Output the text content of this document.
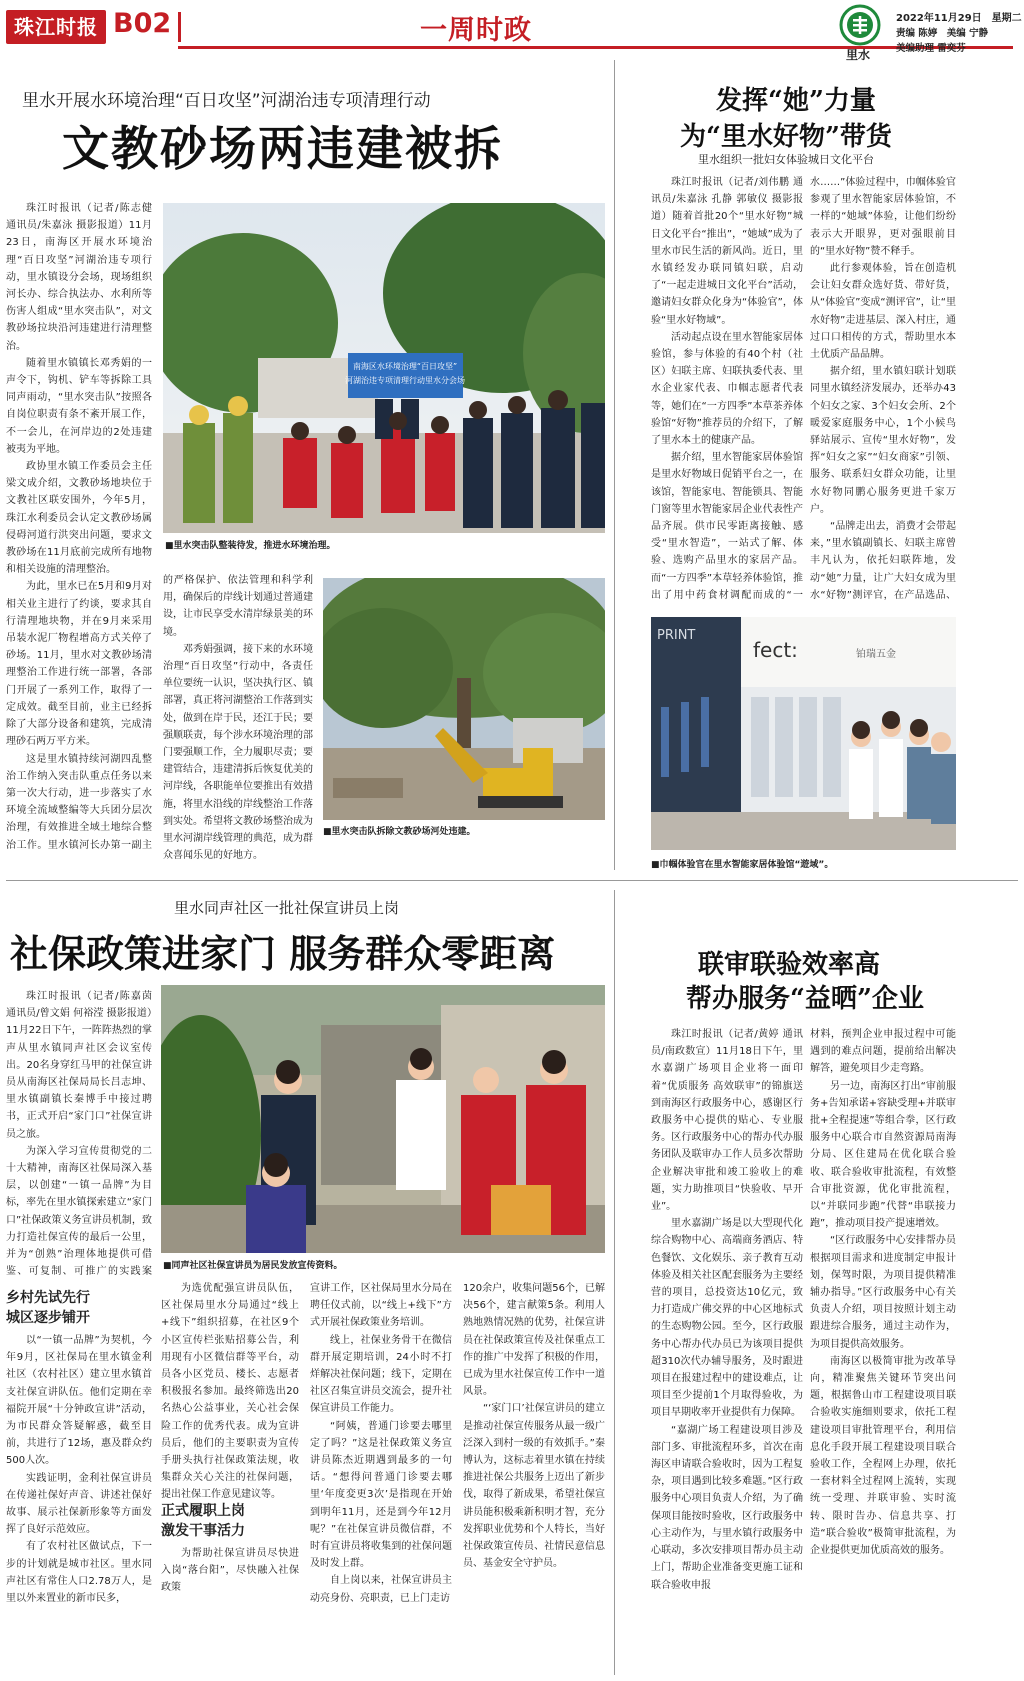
珠江时报 B02	一周时政
里水
2022年11月29日　星期二
责编 陈婷　美编 宁静
美编助理 雷奕芬
里水开展水环境治理“百日攻坚”河湖治违专项清理行动
文教砂场两违建被拆

珠江时报讯（记者/陈志健 通讯员/朱嘉泳 摄影报道）11月23日，南海区开展水环境治理“百日攻坚”河湖治违专项行动，里水镇设分会场，现场组织河长办、综合执法办、水利所等伤害人组成“里水突击队”，对文教砂场拉块沿河违建进行清理整治。

随着里水镇镇长邓秀娟的一声令下，钩机、铲车等拆除工具同声雨动，“里水突击队”按照各自岗位职责有条不紊开展工作，不一会儿，在河岸边的2处违建被夷为平地。

政协里水镇工作委员会主任梁文成介绍，文教砂场地块位于文教社区联安围外，今年5月，珠江水利委员会认定文教砂场属侵碍河道行洪突出问题，要求文教砂场在11月底前完成所有地物和相关设施的清理整治。

为此，里水已在5月和9月对相关业主进行了约谈，要求其自行清理地块物，并在9月来采用吊装水泥厂物程增高方式关停了砂场。11月，里水对文教砂场清理整治工作进行统一部署，各部门开展了一系列工作，取得了一定成效。截至目前，业主已经拆除了大部分设备和建筑，完成清理砂石两万平方米。

这是里水镇持续河湖四乱整治工作纳入突击队重点任务以来第一次大行动，进一步落实了水环境全流域整编等大兵团分层次治理，有效推进全域土地综合整治工作。里水镇河长办第一副主

南海区水环境治理“百日攻坚”
河湖治违专项清理行动里水分会场
■里水突击队整装待发，推进水环境治理。

的严格保护、依法管理和科学利用，确保后的岸线计划通过普通建设，让市民享受水清岸绿景美的环境。

邓秀娟强调，接下来的水环境治理“百日攻坚”行动中，各责任单位要统一认识，坚决执行区、镇部署，真正将河湖整治工作落到实处，做到在岸于民，还江于民；要强顺联责，每个涉水环境治理的部门要强顺工作，全力履职尽责；要建管结合，违建清拆后恢复优美的河岸线，各职能单位要推出有效措施，将里水沿线的岸线整治工作落到实处。希望将文教砂场整治成为里水河湖岸线管理的典范，成为群众喜闻乐见的好地方。

■里水突击队拆除文教砂场河处违建。
发挥“她”力量
为“里水好物”带货
里水组织一批妇女体验城日文化平台

珠江时报讯（记者/刘伟鹏 通讯员/朱嘉泳 孔静 郭敏仪 摄影报道）随着首批20个“里水好物”城日文化平台“推出”，“她域”成为了里水市民生活的新风尚。近日，里水镇经发办联同镇妇联，启动了“一起走进城日文化平台”活动，邀请妇女群众化身为“体验官”，体验“里水好物域”。

活动起点设在里水智能家居体验馆，参与体验的有40个村（社区）妇联主席、妇联执委代表、里水企业家代表、巾帼志愿者代表等，她们在“一方四季”本草茶养体验馆“好物”推荐员的介绍下，了解了里水本土的健康产品。

据介绍，里水智能家居体验馆是里水好物域日促销平台之一，在该馆，智能家电、智能锁具、智能门窗等里水智能家居企业代表性产品齐展。供市民零距离接触、感受“里水智造”，一站式了解、体验、选购产品里水的家居产品。而“一方四季”本草轻养体验馆，推出了用中药食材调配而成的“一

水……”体验过程中，巾帼体验官参观了里水智能家居体验馆，不一样的“她域”体验，让他们纷纷表示大开眼界，更对强眼前目的“里水好物”赞不释手。

此行参观体验，旨在创造机会让妇女群众选好货、带好货，从“体验官”变成“测评官”，让“里水好物”走进基层、深入村庄，通过口口相传的方式，帮助里水本土优质产品品牌。

据介绍，里水镇妇联计划联同里水镇经济发展办，还举办43个妇女之家、3个妇女会所、2个暖爱家庭服务中心，1个小候鸟驿站展示、宣传“里水好物”，发挥“妇女之家”“妇女商家”引领、服务、联系妇女群众功能，让里水好物同鹏心服务更进千家万户。

“品牌走出去，消费才会带起来，”里水镇副镇长、妇联主席曾丰凡认为，依托妇联阵地，发动“她”力量，让广大妇女成为里水“好物”测评官，在产品选品、

PRINT
fect:	铂瑞五金
■巾帼体验官在里水智能家居体验馆“遊域”。
里水同声社区一批社保宣讲员上岗
社保政策进家门 服务群众零距离

珠江时报讯（记者/陈嘉茵 通讯员/曾文娟 何裕滢 摄影报道）11月22日下午，一阵阵热烈的掌声从里水镇同声社区会议室传出。20名身穿红马甲的社保宣讲员从南海区社保局局长吕志坤、里水镇副镇长秦博手中接过聘书，正式开启“家门口”社保宣讲员之旅。

为深入学习宣传贯彻党的二十大精神，南海区社保局深入基层，以创建“一镇一品牌”为目标，率先在里水镇探索建立“家门口”社保政策义务宣讲员机制，致力打造社保宣传的最后一公里，并为“创熟”治理体地提供可借鉴、可复制、可推广的实践案

乡村先试先行
城区逐步铺开

以“一镇一品牌”为契机，今年9月，区社保局在里水镇金利社区（农村社区）建立里水镇首支社保宣讲队伍。他们定期在幸福院开展“十分钟政宣讲”活动，为市民群众答疑解惑，截至目前，共进行了12场，惠及群众约500人次。

实践证明，金利社保宣讲员在传递社保好声音、讲述社保好故事、展示社保新形象等方面发挥了良好示范效应。

有了农村社区做试点，下一步的计划就是城市社区。里水同声社区有常住人口2.78万人，是里以外来置业的新市民多，

■同声社区社保宣讲员为居民发放宣传资料。

为选优配强宣讲员队伍，区社保局里水分局通过“线上+线下”组织招募，在社区9个小区宣传栏张贴招募公告，利用现有小区微信群等平台，动员各小区党员、楼长、志愿者积极报名参加。最终筛选出20名热心公益事业，关心社会保险工作的优秀代表。成为宣讲员后，他们的主要职责为宣传手册头执行社保政策法规，收集群众关心关注的社保问题，提出社保工作意见建议等。

正式履职上岗
激发干事活力

为帮助社保宣讲员尽快进入岗“落台阳”，尽快融入社保政策

宣讲工作，区社保局里水分局在聘任仪式前，以“线上+线下”方式开展社保政策业务培训。

线上，社保业务骨干在微信群开展定期培训，24小时不打烊解决社保问题；线下，定期在社区召集宣讲员交流会，提升社保宣讲员工作能力。

“阿姨，普通门诊要去哪里定了吗？”这是社保政策义务宣讲员陈杰近期遇到最多的一句话。“想得问普通门诊要去哪里‘年度変更3次’是指现在开始到明年11月，还是到今年12月呢？”在社保宣讲员微信群，不时有宣讲员将收集到的社保问题及时发上群。

自上岗以来，社保宣讲员主动亮身份、亮职责，已上门走访

120余户，收集问题56个，已解决56个，建言献策5条。利用人熟地熟情况熟的优势，社保宣讲员在社保政策宣传及社保重点工作的推广中发挥了积极的作用，已成为里水社保宣传工作中一道风景。

“‘家门口’社保宣讲员的建立是推动社保宣传服务从最一级广泛深入到村一级的有效抓手。”秦博认为，这标志着里水镇在持续推进社保公共服务上迈出了新步伐，取得了新成果，希望社保宣讲员能积极乘新积明才智，充分发挥职业优势和个人特长，当好社保政策宣传员、社情民意信息员、基金安全守护员。

联审联验效率高
帮办服务“益晒”企业

珠江时报讯（记者/黄婷 通讯员/南政数宣）11月18日下午，里水嘉湖广场项目企业将一面印着“优质服务 高效联审”的锦旗送到南海区行政服务中心，感谢区行政服务中心提供的贴心、专业服务。区行政服务中心的帮办代办服务团队及联审办工作人员多次帮助企业解决审批和竣工验收上的难题，实力助推项目“快验收、早开业”。

里水嘉湖广场是以大型现代化综合购物中心、高端商务酒店、特色餐饮、文化娱乐、亲子教育互动体验及相关社区配套服务为主要经营的项目，总投资达10亿元，致力打造成广佛交界的中心区地标式的生态购物公园。至今，区行政服务中心帮办代办员已为该项目提供超310次代办辅导服务，及时跟进项目在报建过程中的建设难点，让项目至少提前1个月取得验收，为项目早期收率开业提供有力保障。

“嘉湖广场工程建设项目涉及部门多、审批流程环多，首次在南海区申请联合验收时，因为工程复杂，项目遇到比较多难题。”区行政服务中心项目负责人介绍，为了确保项目能按时验收，区行政服务中心主动作为，与里水镇行政服务中心联动，多次安排项目帮办员主动上门，帮助企业准备变更施工证和联合验收申报

材料，预判企业申报过程中可能遇到的难点问题，提前给出解决解答，避免项目少走弯路。

另一边，南海区打出“审前服务+告知承诺+容缺受理+并联审批+全程提速”等组合拳，区行政服务中心联合市自然资源局南海分局、区住建局在优化联合验收、联合验收审批流程，有效整合审批资源，优化审批流程，以“并联同步跑”代替“串联接力跑”，推动项目投产提速增效。

“区行政服务中心安排帮办员根据项目需求和进度制定申报计划，保驾时限，为项目提供精准辅办指导。”区行政服务中心有关负责人介绍，项目按照计划主动跟进综合服务，通过主动作为，为项目提供高效服务。

南海区以极简审批为改革导向，精准聚焦关键环节突出问题，根据鲁山市工程建设项目联合验收实施细则要求，依托工程建设项目审批管理平台，利用信息化手段开展工程建设项目联合验收工作，全程网上办理，依托一套材料全过程网上流转，实现统一受理、并联审验、实时流转、限时告办、信息共享、打造“联合验收”极简审批流程，为企业提供更加优质高效的服务。
